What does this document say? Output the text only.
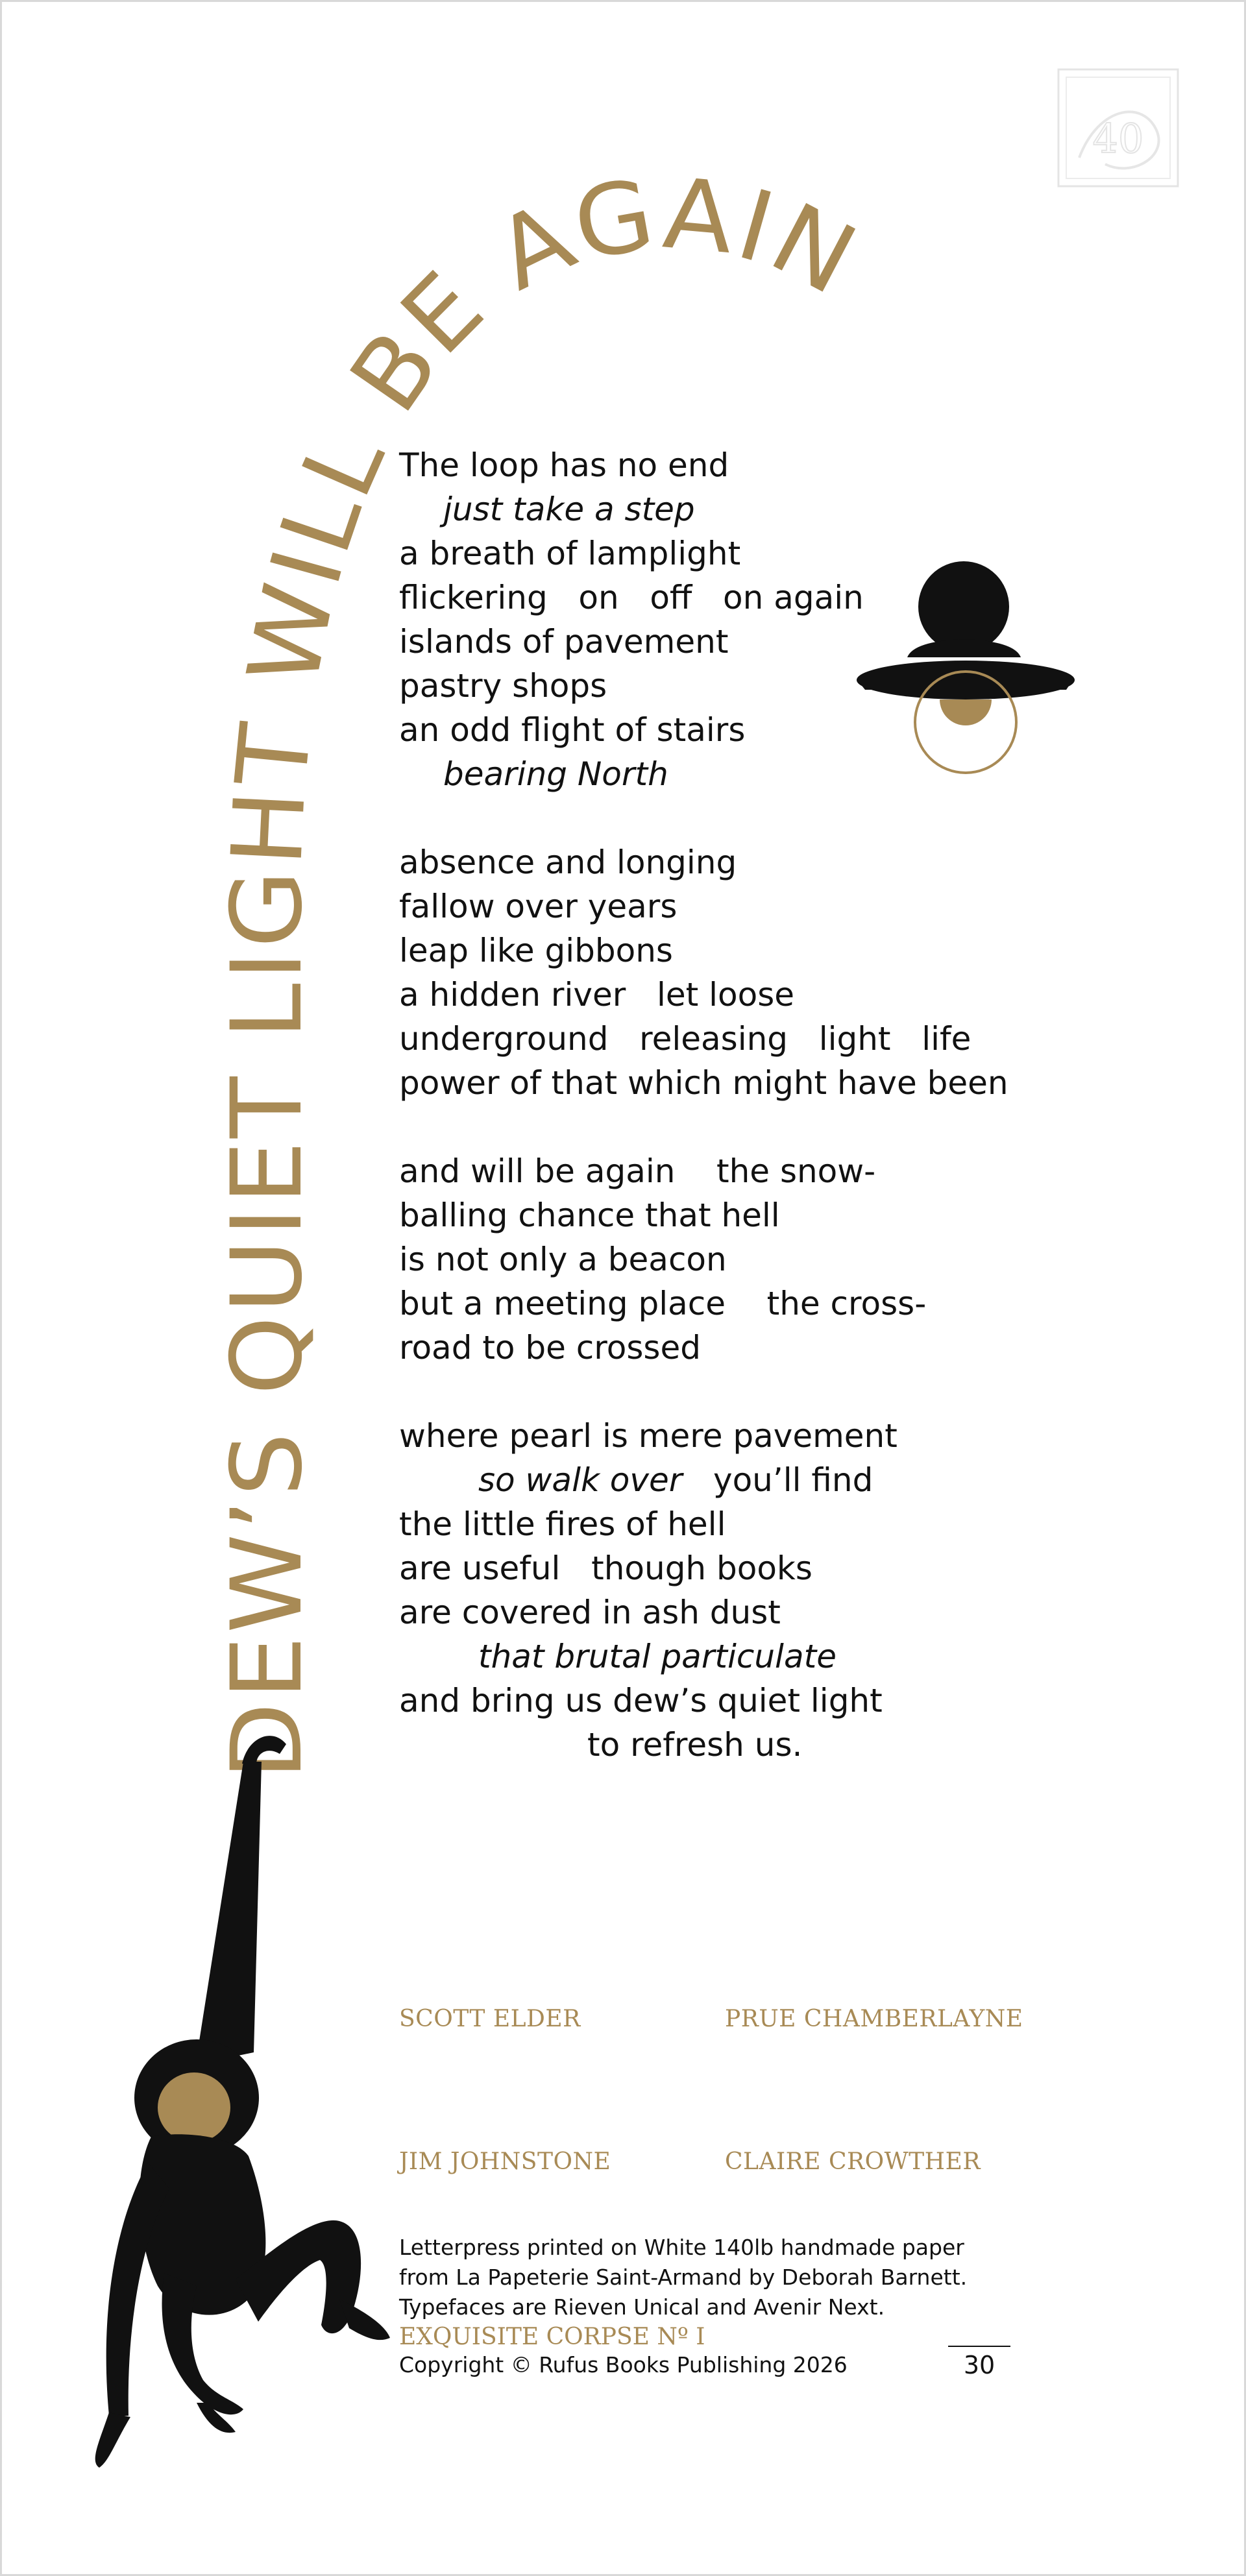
40
EW’S QUIET LIGHT WILL BE AGAIN
The loop has no end
just take a step
a breath of lamplight
flickering   on   off   on again
islands of pavement
pastry shops
an odd flight of stairs
bearing North
absence and longing
fallow over years
leap like gibbons
a hidden river   let loose
underground   releasing   light   life
power of that which might have been
and will be again    the snow-
balling chance that hell
is not only a beacon
but a meeting place    the cross-
road to be crossed
where pearl is mere pavement
so walk over   you’ll find
the little fires of hell
are useful   though books
are covered in ash dust
that brutal particulate
and bring us dew’s quiet light
to refresh us.
SCOTT ELDER	PRUE CHAMBERLAYNE
JIM JOHNSTONE	CLAIRE CROWTHER
Letterpress printed on White 140lb handmade paper
from La Papeterie Saint-Armand by Deborah Barnett.
Typefaces are Rieven Unical and Avenir Next.
EXQUISITE CORPSE Nº I
Copyright © Rufus Books Publishing 2026	30
